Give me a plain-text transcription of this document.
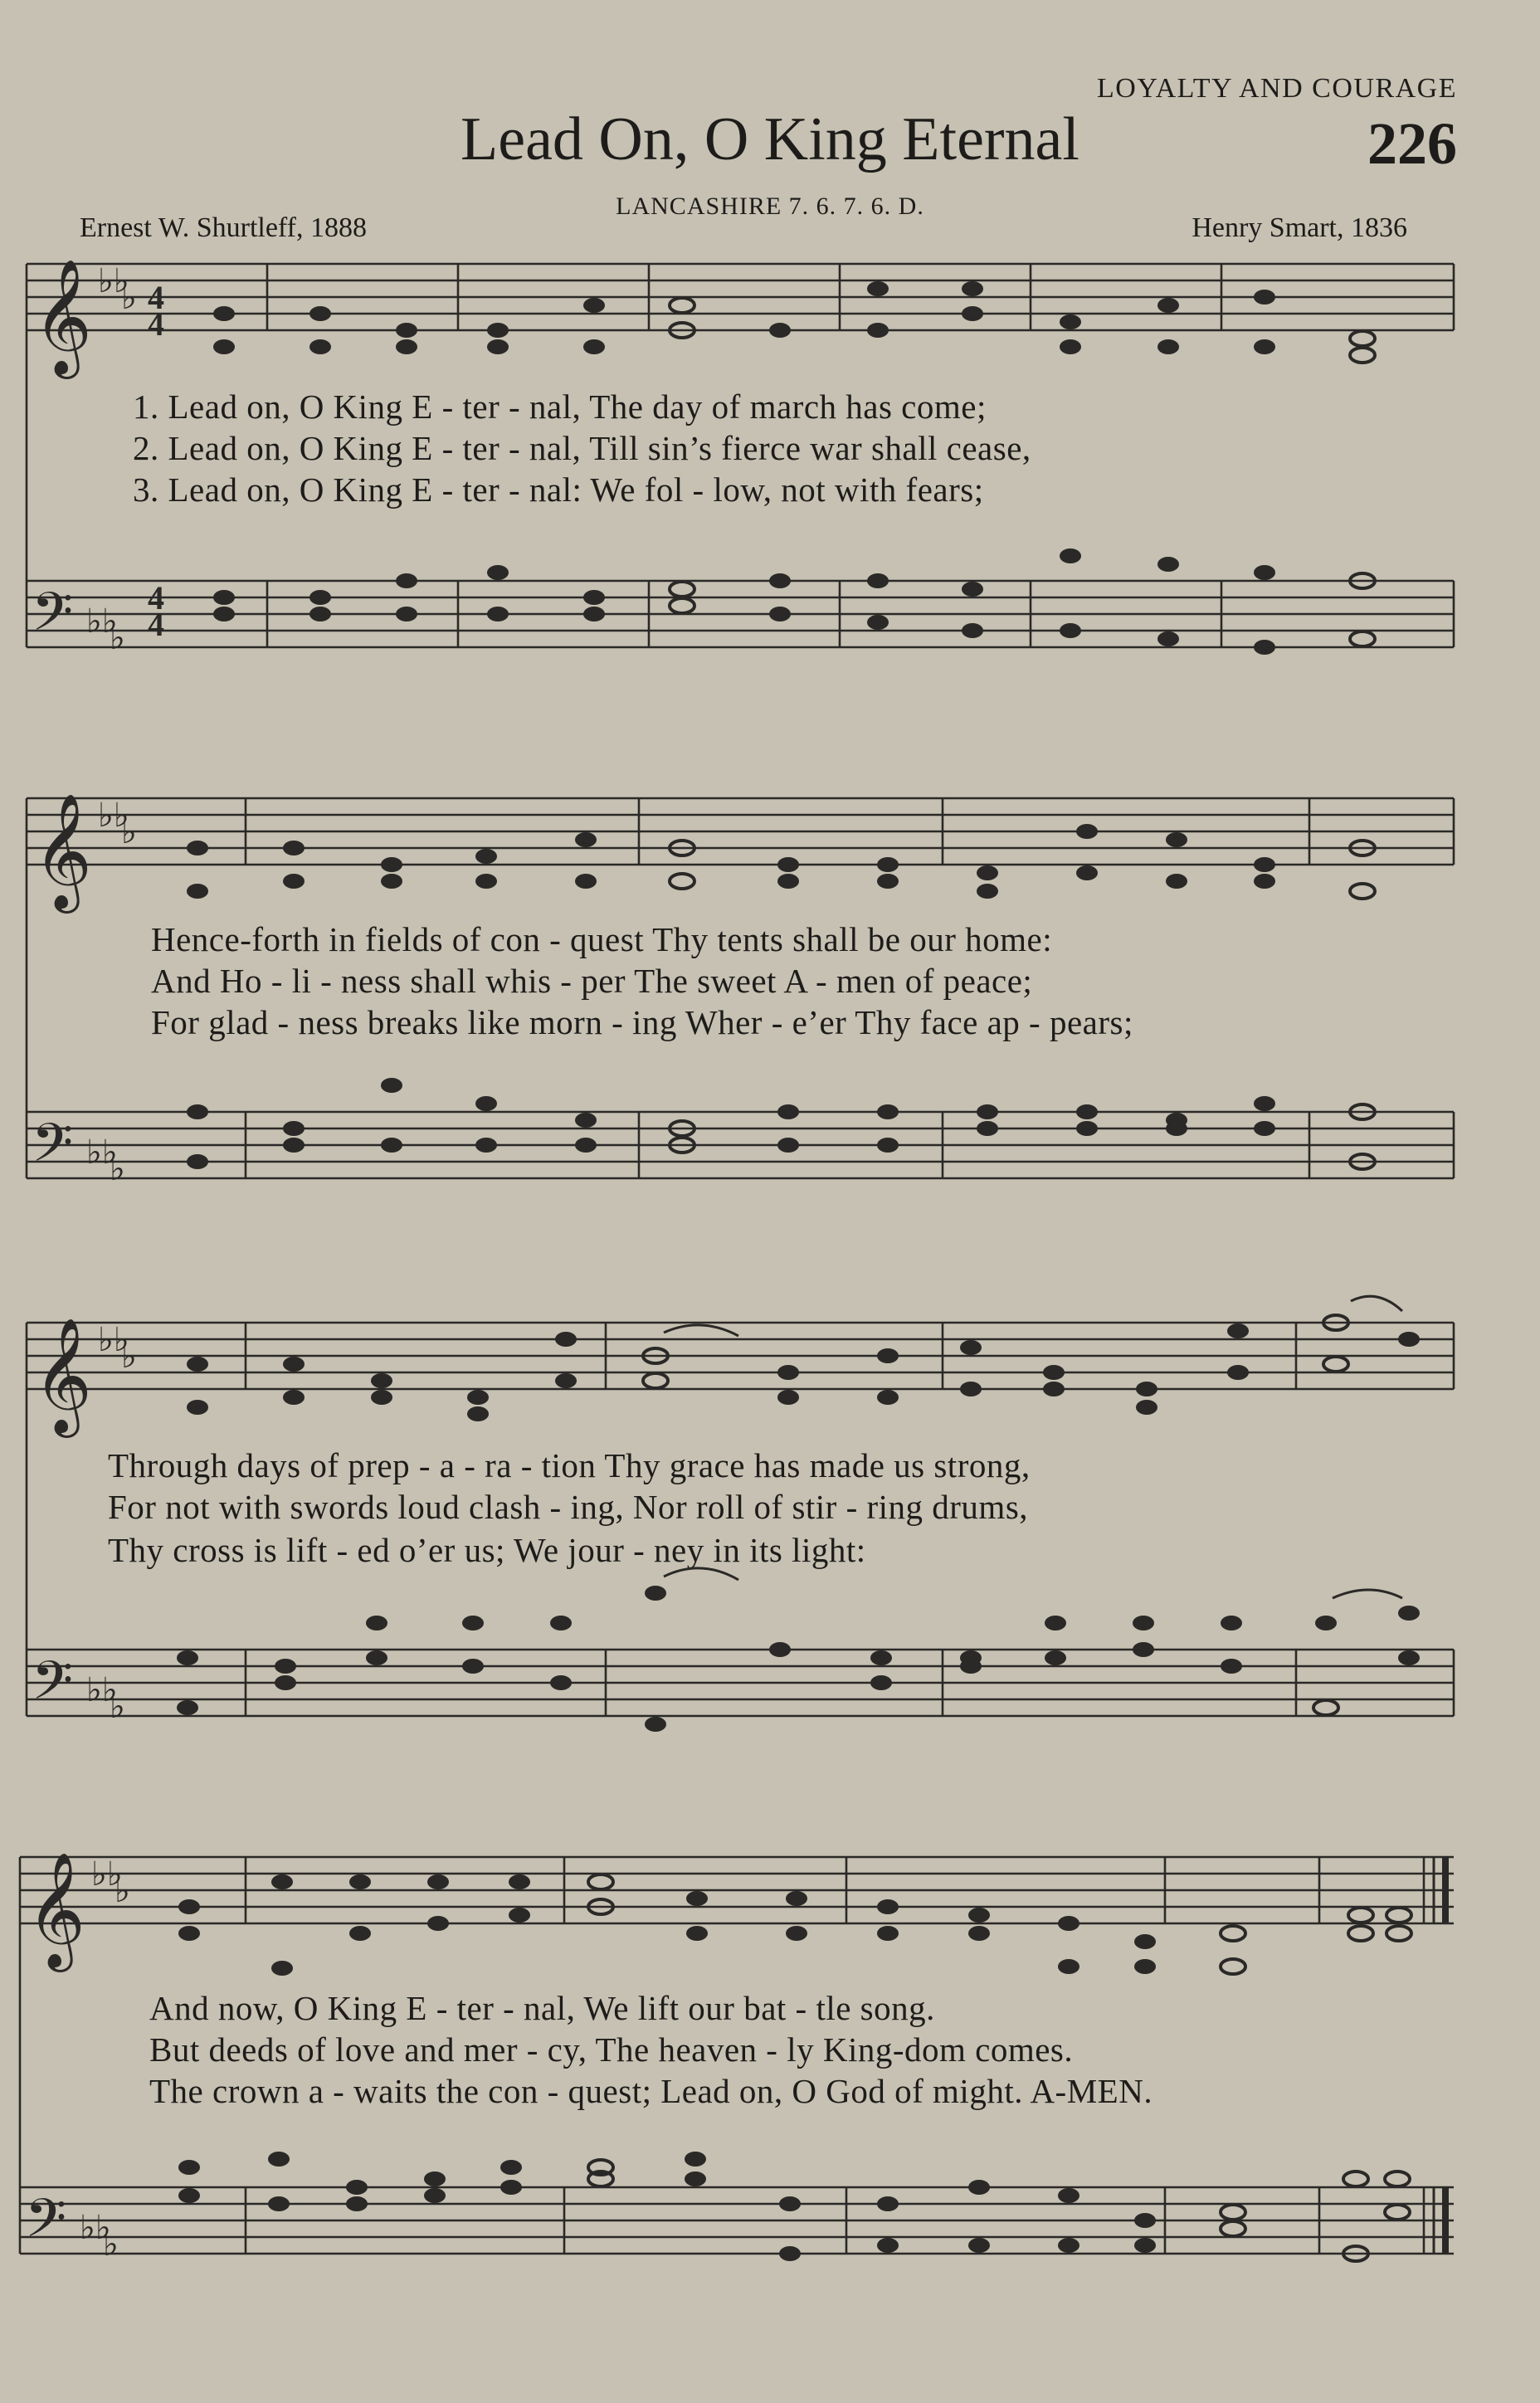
LOYALTY AND COURAGE
Lead On, O King Eternal	226
LANCASHIRE 7. 6. 7. 6. D.
Ernest W. Shurtleff, 1888	Henry Smart, 1836
𝄞 ♭♭
♭ 4
4
1. Lead on, O King E - ter - nal, The day of march has come;
2. Lead on, O King E - ter - nal, Till sin’s fierce war shall cease,
3. Lead on, O King E - ter - nal: We fol - low, not with fears;
𝄢 ♭♭
♭
4
4
𝄞 ♭♭
♭
Hence-forth in fields of con - quest Thy tents shall be our home:
And Ho - li - ness shall whis - per The sweet A - men of peace;
For glad - ness breaks like morn - ing Wher - e’er Thy face ap - pears;
𝄢 ♭♭
♭
𝄞 ♭♭
♭
Through days of prep - a - ra - tion Thy grace has made us strong,
For not with swords loud clash - ing, Nor roll of stir - ring drums,
Thy cross is lift - ed o’er us; We jour - ney in its light:
𝄢 ♭♭
♭
𝄞 ♭♭
♭
And now, O King E - ter - nal, We lift our bat - tle song.
But deeds of love and mer - cy, The heaven - ly King-dom comes.
The crown a - waits the con - quest; Lead on, O God of might. A-MEN.
𝄢 ♭♭
♭
